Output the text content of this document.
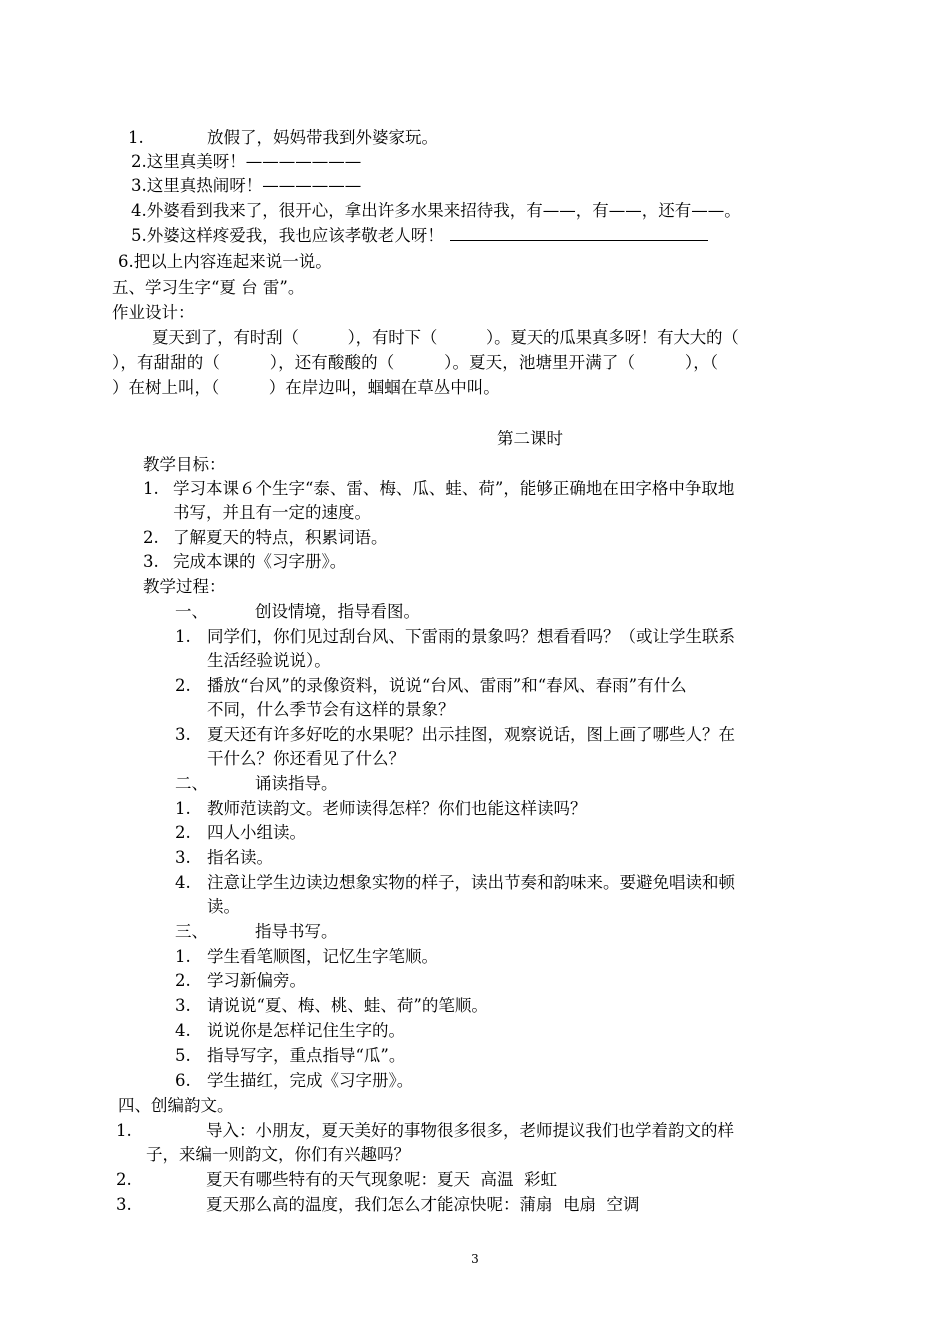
1.	放假了，妈妈带我到外婆家玩。
2.这里真美呀！———————
3.这里真热闹呀！——————
4.外婆看到我来了，很开心，拿出许多水果来招待我，有——，有——，还有——。
5.外婆这样疼爱我，我也应该孝敬老人呀！
6.把以上内容连起来说一说。
五、学习生字“夏 台 雷”。
作业设计：
夏天到了，有时刮（　　　），有时下（　　　）。夏天的瓜果真多呀！有大大的（
），有甜甜的（　　　），还有酸酸的（　　　）。夏天，池塘里开满了（　　　），（
）在树上叫，（　　　）在岸边叫，蝈蝈在草丛中叫。
第二课时
教学目标：
1. 学习本课６个生字“泰、雷、梅、瓜、蛙、荷”，能够正确地在田字格中争取地
书写，并且有一定的速度。
2. 了解夏天的特点，积累词语。
3. 完成本课的《习字册》。
教学过程：
一、	创设情境，指导看图。
1. 同学们，你们见过刮台风、下雷雨的景象吗？想看看吗？（或让学生联系
生活经验说说）。
2. 播放“台风”的录像资料，说说“台风、雷雨”和“春风、春雨”有什么
不同，什么季节会有这样的景象？
3. 夏天还有许多好吃的水果呢？出示挂图，观察说话，图上画了哪些人？在
干什么？你还看见了什么？
二、	诵读指导。
1. 教师范读韵文。老师读得怎样？你们也能这样读吗？
2. 四人小组读。
3. 指名读。
4. 注意让学生边读边想象实物的样子，读出节奏和韵味来。要避免唱读和顿
读。
三、	指导书写。
1. 学生看笔顺图，记忆生字笔顺。
2. 学习新偏旁。
3. 请说说“夏、梅、桃、蛙、荷”的笔顺。
4. 说说你是怎样记住生字的。
5. 指导写字，重点指导“瓜”。
6. 学生描红，完成《习字册》。
四、创编韵文。
1.	导入：小朋友，夏天美好的事物很多很多，老师提议我们也学着韵文的样
子，来编一则韵文，你们有兴趣吗？
2.	夏天有哪些特有的天气现象呢：夏天  高温  彩虹
3.	夏天那么高的温度，我们怎么才能凉快呢：蒲扇  电扇  空调
3
